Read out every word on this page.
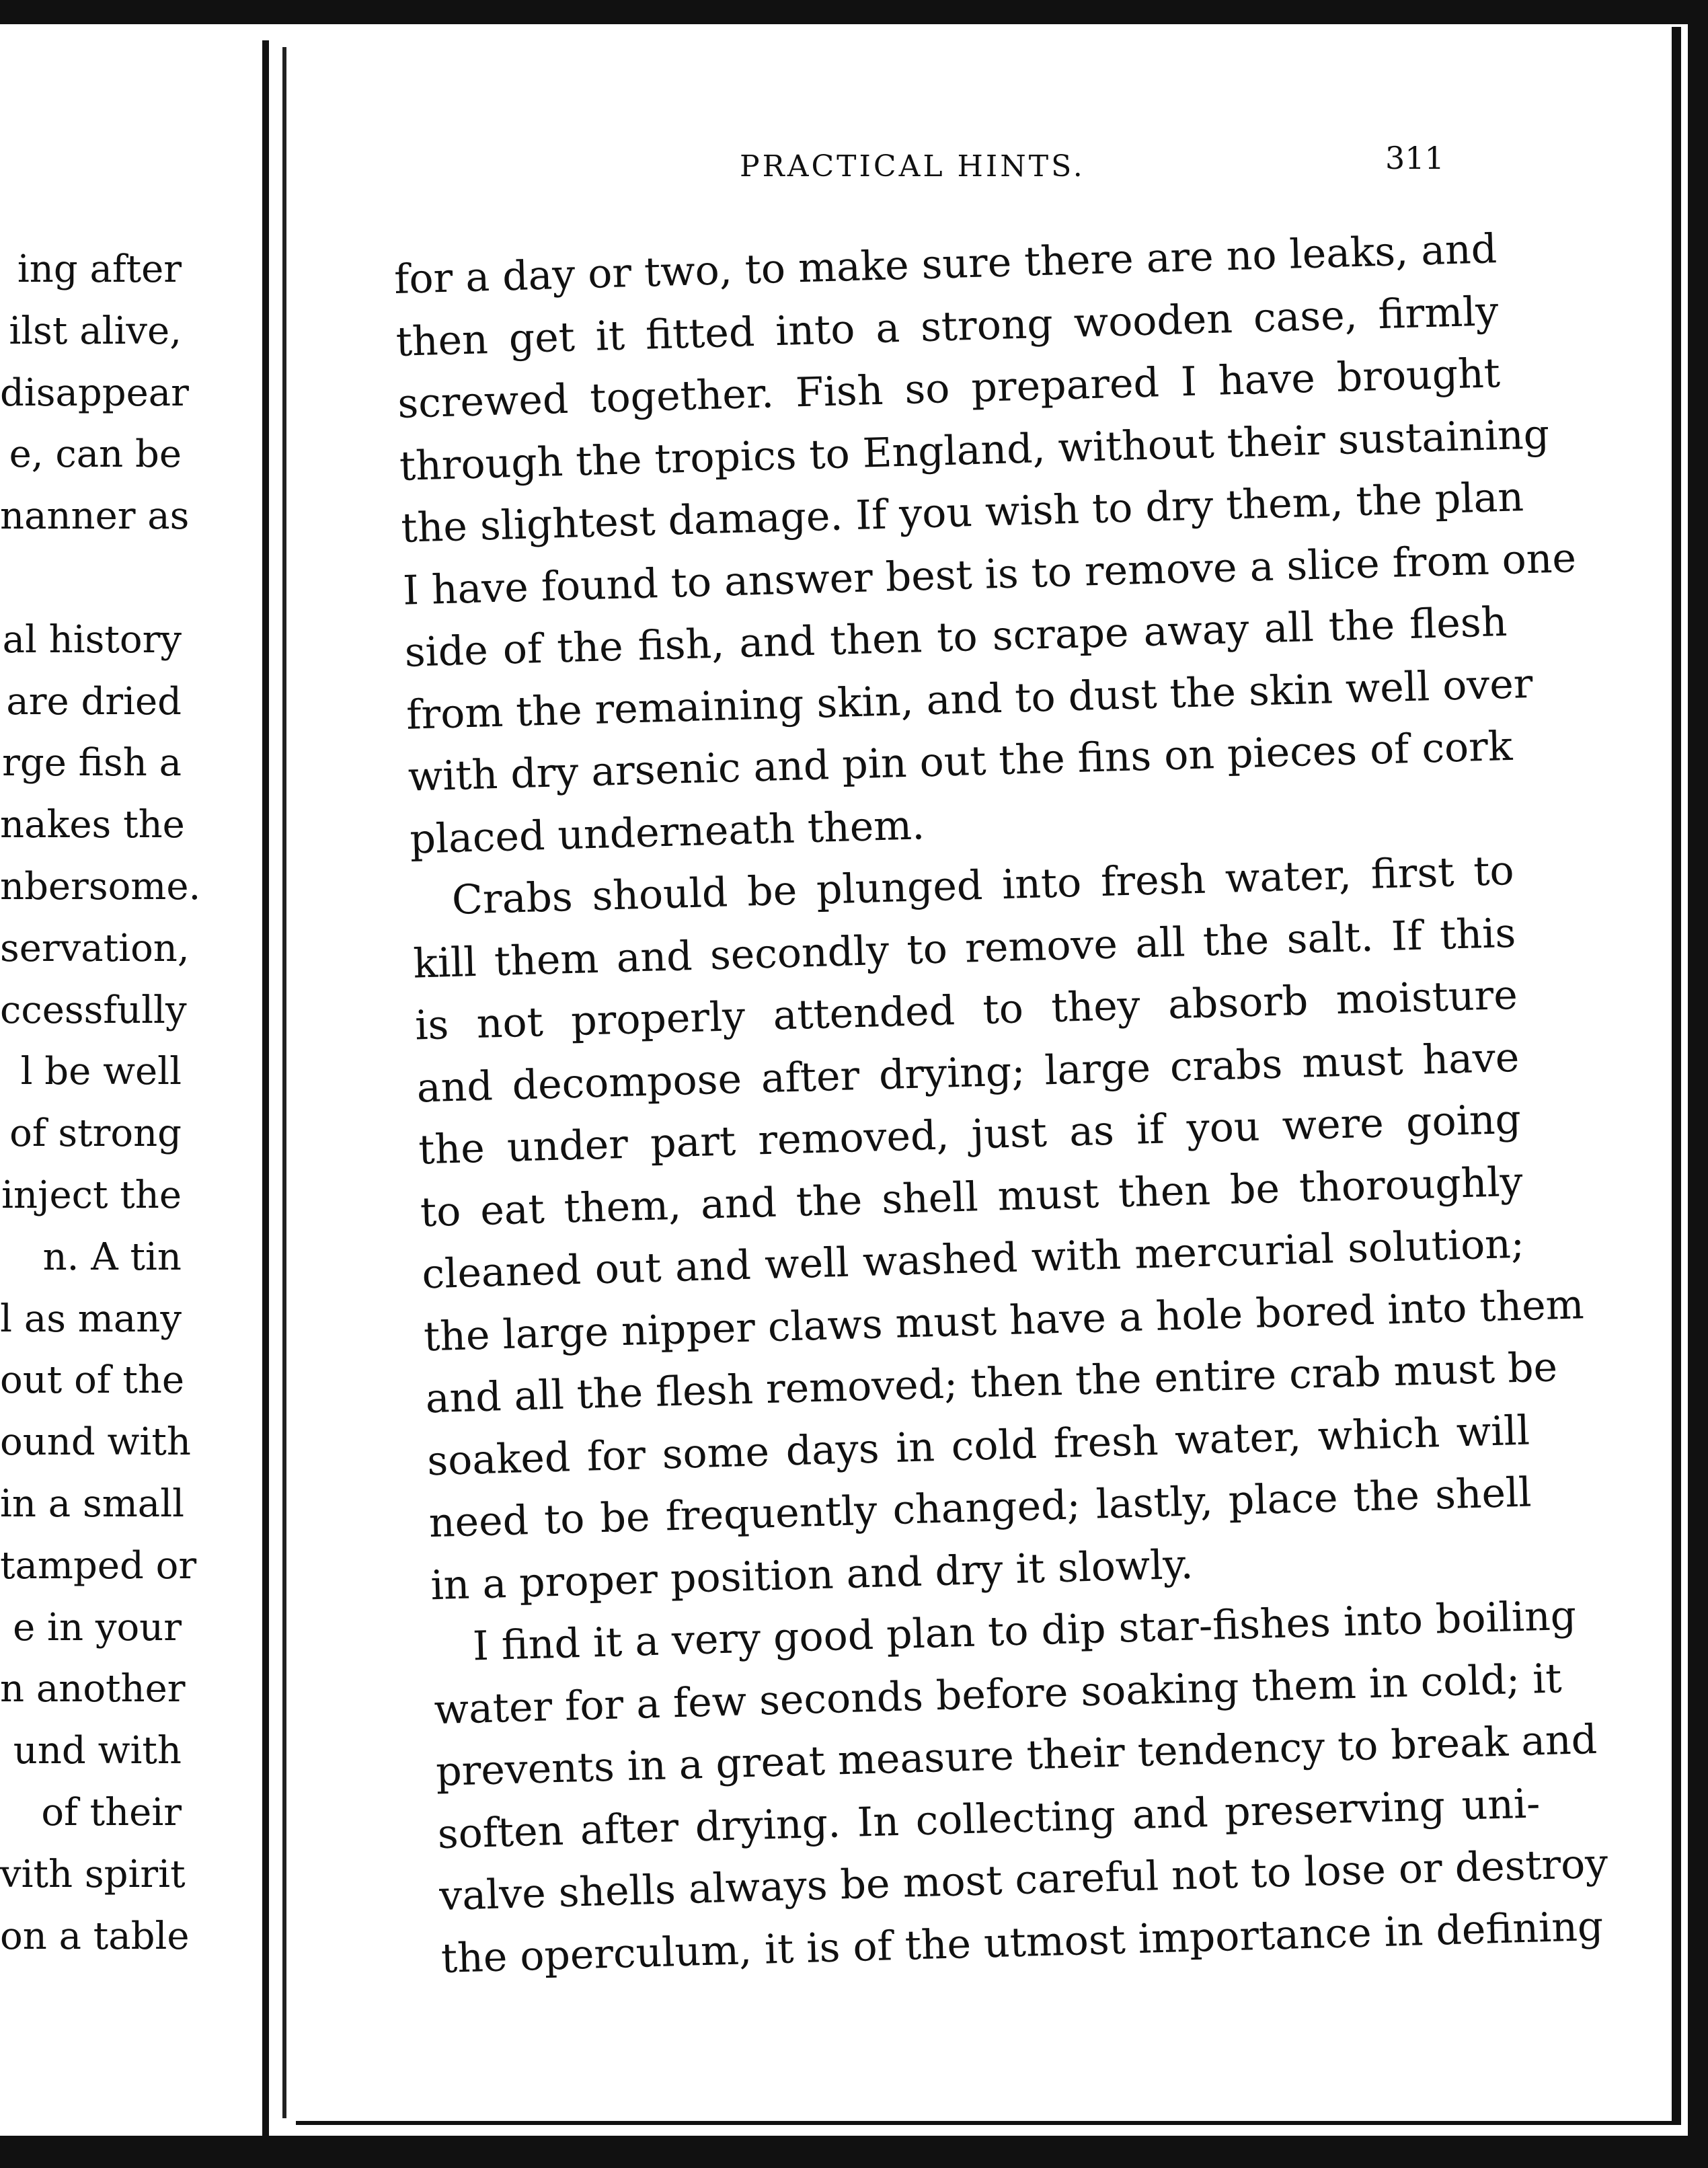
ing after
ilst alive,
disappear
e, can be
nanner as
al history
are dried
rge fish a
nakes the
nbersome.
servation,
ccessfully
l be well
of strong
inject the
n. A tin
l as many
out of the
ound with
in a small
tamped or
e in your
n another
und with
of their
vith spirit
on a table
PRACTICAL HINTS.	311
for a day or two, to make sure there are no leaks, and
then get it fitted into a strong wooden case, firmly
screwed together. Fish so prepared I have brought
through the tropics to England, without their sustaining
the slightest damage. If you wish to dry them, the plan
I have found to answer best is to remove a slice from one
side of the fish, and then to scrape away all the flesh
from the remaining skin, and to dust the skin well over
with dry arsenic and pin out the fins on pieces of cork
placed underneath them.
Crabs should be plunged into fresh water, first to
kill them and secondly to remove all the salt. If this
is not properly attended to they absorb moisture
and decompose after drying; large crabs must have
the under part removed, just as if you were going
to eat them, and the shell must then be thoroughly
cleaned out and well washed with mercurial solution;
the large nipper claws must have a hole bored into them
and all the flesh removed; then the entire crab must be
soaked for some days in cold fresh water, which will
need to be frequently changed; lastly, place the shell
in a proper position and dry it slowly.
I find it a very good plan to dip star-fishes into boiling
water for a few seconds before soaking them in cold; it
prevents in a great measure their tendency to break and
soften after drying. In collecting and preserving uni-
valve shells always be most careful not to lose or destroy
the operculum, it is of the utmost importance in defining
